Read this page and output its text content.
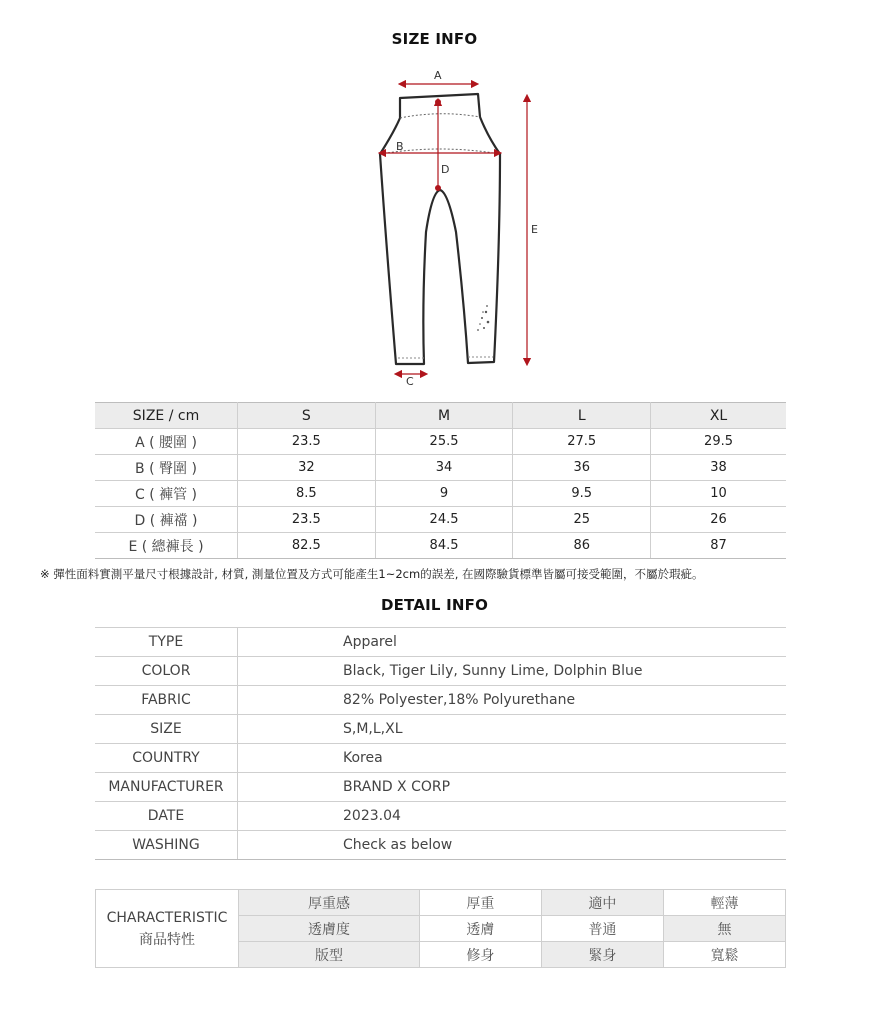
SIZE INFO
A
B
D
E
C
SIZE / cm	S	M	L	XL
A ( 腰圍 )	23.5	25.5	27.5	29.5
B ( 臀圍 )	32	34	36	38
C ( 褲管 )	8.5	9	9.5	10
D ( 褲襠 )	23.5	24.5	25	26
E ( 總褲長 )	82.5	84.5	86	87
※ 彈性面料實測平量尺寸根據設計, 材質, 測量位置及方式可能產生1~2cm的誤差, 在國際驗貨標準皆屬可接受範圍，不屬於瑕疵。
DETAIL INFO
TYPE	Apparel
COLOR	Black, Tiger Lily, Sunny Lime, Dolphin Blue
FABRIC	82% Polyester,18% Polyurethane
SIZE	S,M,L,XL
COUNTRY	Korea
MANUFACTURER	BRAND X CORP
DATE	2023.04
WASHING	Check as below
CHARACTERISTIC
商品特性	厚重感	厚重	適中	輕薄
	透膚度	透膚	普通	無
	版型	修身	緊身	寬鬆
